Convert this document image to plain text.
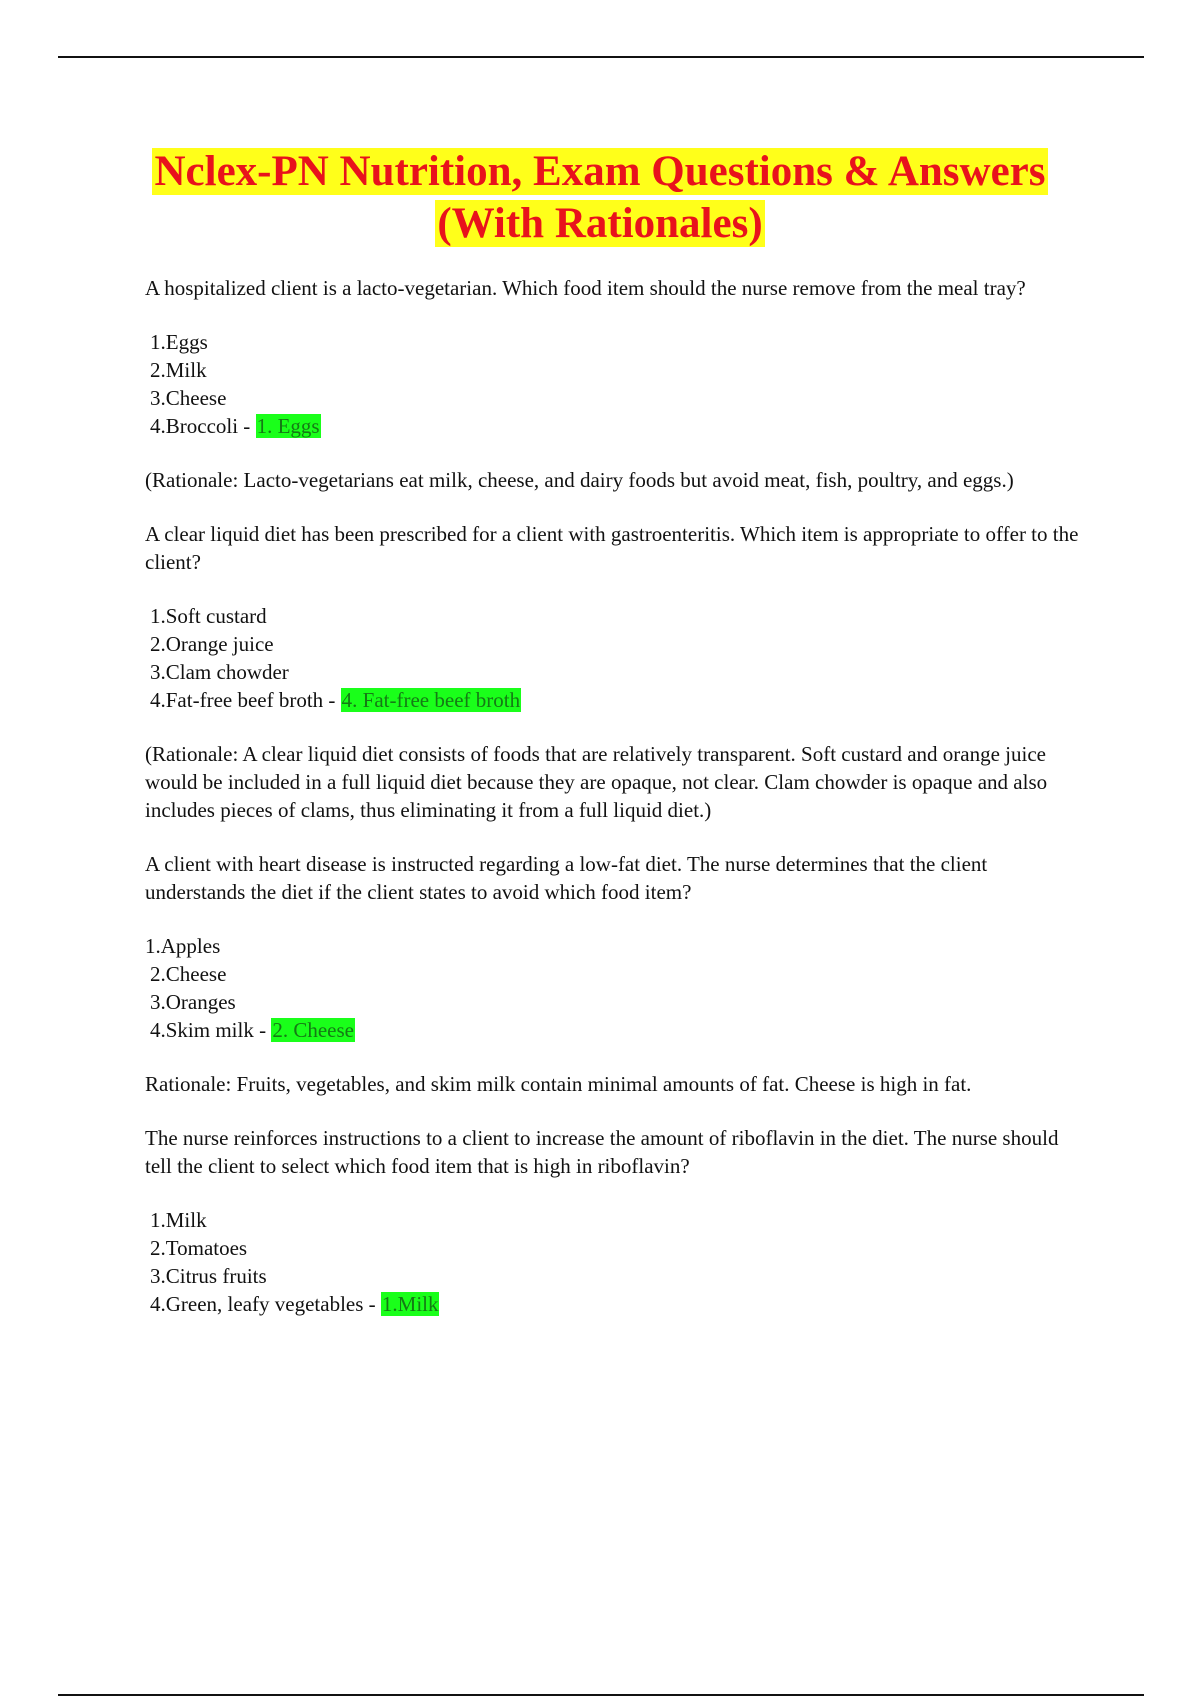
Nclex-PN Nutrition, Exam Questions & Answers
(With Rationales)

A hospitalized client is a lacto-vegetarian. Which food item should the nurse remove from the meal tray?

1.Eggs
2.Milk
3.Cheese
4.Broccoli - 1. Eggs

(Rationale: Lacto-vegetarians eat milk, cheese, and dairy foods but avoid meat, fish, poultry, and eggs.)

A clear liquid diet has been prescribed for a client with gastroenteritis. Which item is appropriate to offer to the client?

1.Soft custard
2.Orange juice
3.Clam chowder
4.Fat-free beef broth - 4. Fat-free beef broth

(Rationale: A clear liquid diet consists of foods that are relatively transparent. Soft custard and orange juice would be included in a full liquid diet because they are opaque, not clear. Clam chowder is opaque and also includes pieces of clams, thus eliminating it from a full liquid diet.)

A client with heart disease is instructed regarding a low-fat diet. The nurse determines that the client understands the diet if the client states to avoid which food item?

1.Apples
2.Cheese
3.Oranges
4.Skim milk - 2. Cheese

Rationale: Fruits, vegetables, and skim milk contain minimal amounts of fat. Cheese is high in fat.

The nurse reinforces instructions to a client to increase the amount of riboflavin in the diet. The nurse should tell the client to select which food item that is high in riboflavin?

1.Milk
2.Tomatoes
3.Citrus fruits
4.Green, leafy vegetables - 1.Milk
